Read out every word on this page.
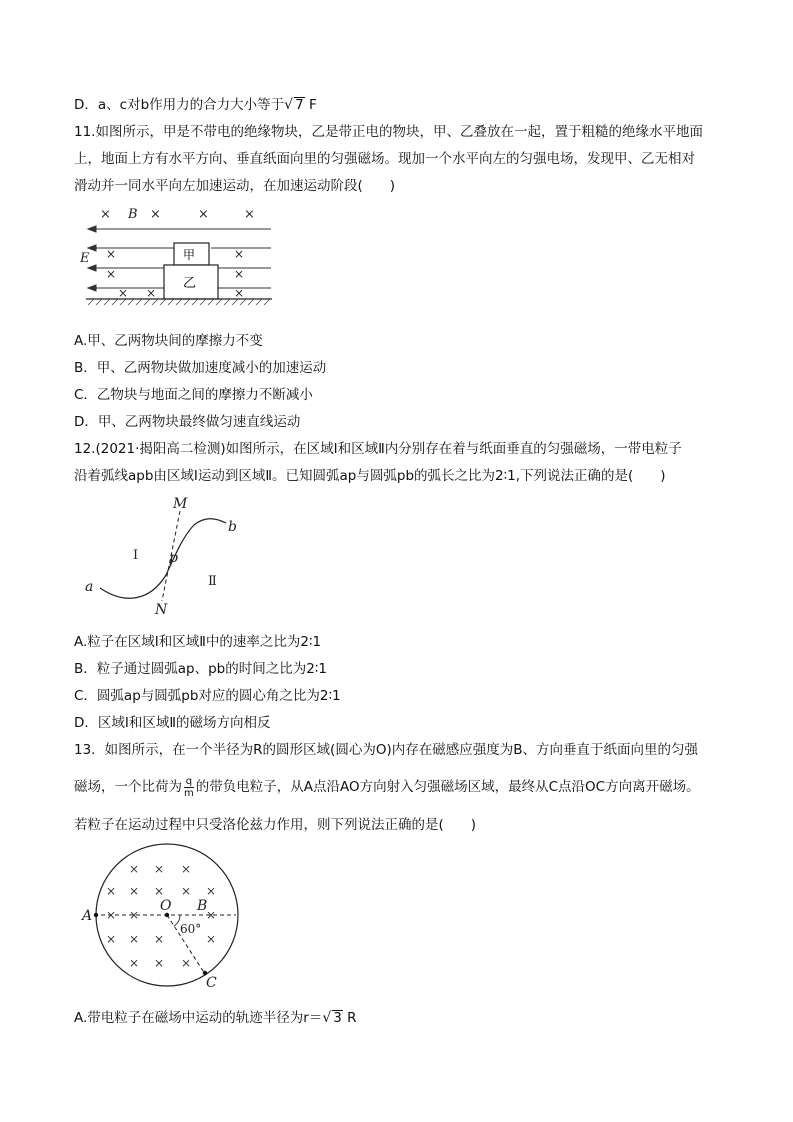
D．a、c对b作用力的合力大小等于√ 7 F
11.如图所示，甲是不带电的绝缘物块，乙是带正电的物块，甲、乙叠放在一起，置于粗糙的绝缘水平地面
上，地面上方有水平方向、垂直纸面向里的匀强磁场。现加一个水平向左的匀强电场，发现甲、乙无相对
滑动并一同水平向左加速运动，在加速运动阶段(　　)
× B ×	×	×
E ×	×
×	×
× ×	×
甲
乙
A.甲、乙两物块间的摩擦力不变
B．甲、乙两物块做加速度减小的加速运动
C．乙物块与地面之间的摩擦力不断减小
D．甲、乙两物块最终做匀速直线运动
12.(2021·揭阳高二检测)如图所示，在区域Ⅰ和区域Ⅱ内分别存在着与纸面垂直的匀强磁场，一带电粒子
沿着弧线apb由区域Ⅰ运动到区域Ⅱ。已知圆弧ap与圆弧pb的弧长之比为2∶1,下列说法正确的是(　　)
M
N
a
b
p
Ⅰ
Ⅱ
A.粒子在区域Ⅰ和区域Ⅱ中的速率之比为2∶1
B．粒子通过圆弧ap、pb的时间之比为2∶1
C．圆弧ap与圆弧pb对应的圆心角之比为2∶1
D．区域Ⅰ和区域Ⅱ的磁场方向相反
13．如图所示，在一个半径为R的圆形区域(圆心为O)内存在磁感应强度为B、方向垂直于纸面向里的匀强
磁场，一个比荷为 $\frac{q}{m}$ 的带负电粒子，从A点沿AO方向射入匀强磁场区域，最终从C点沿OC方向离开磁场。
若粒子在运动过程中只受洛伦兹力作用，则下列说法正确的是(　　)
× × ×
× × × × ×
× ×	×
× × ×	×
× × ×
A
O B
C
60°
A.带电粒子在磁场中运动的轨迹半径为r＝√ 3 R
